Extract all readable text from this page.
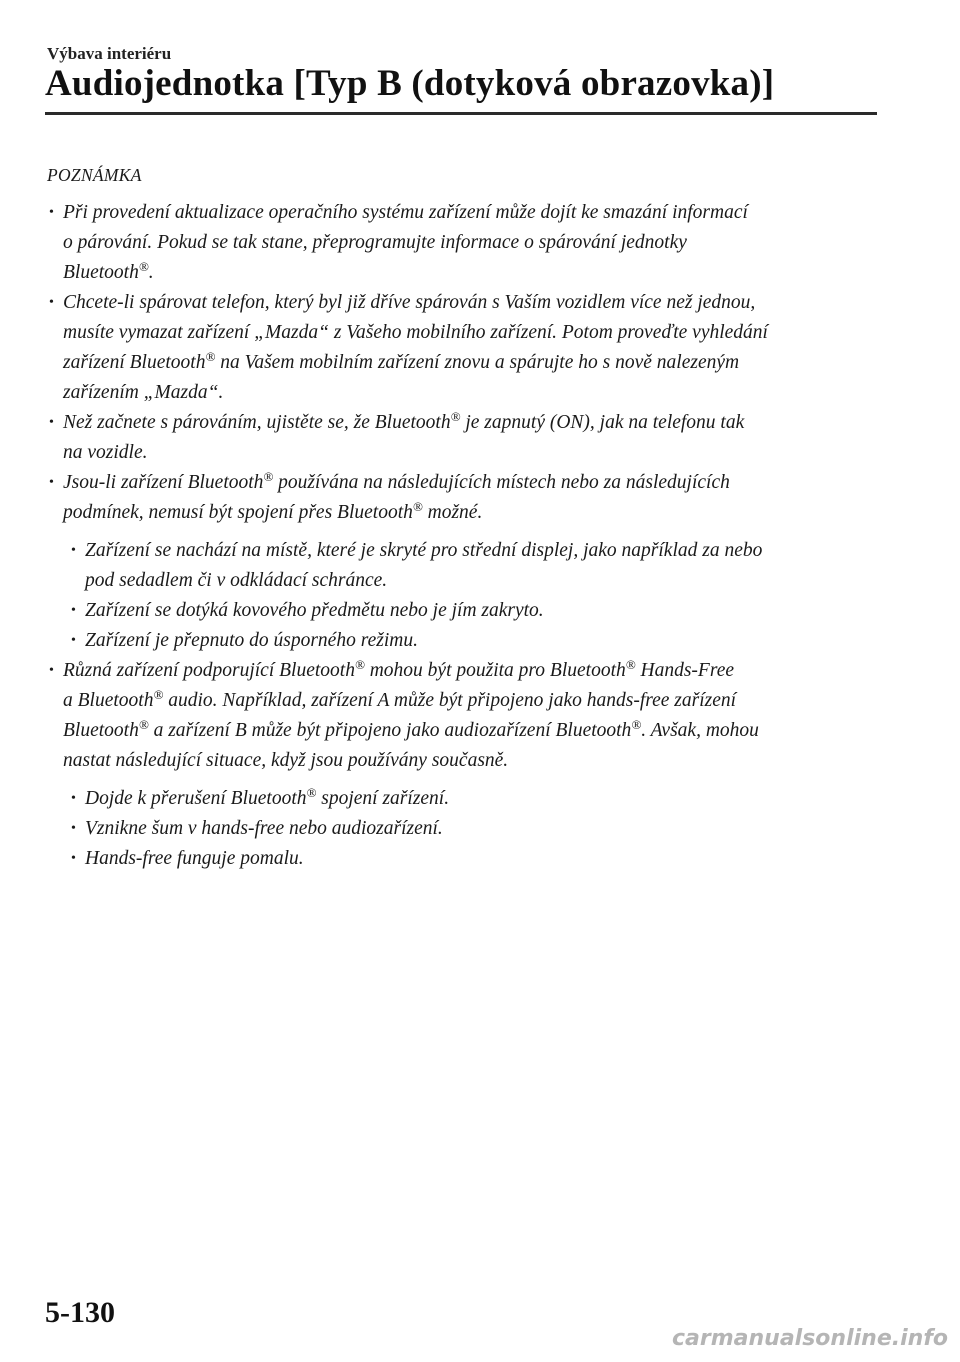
Výbava interiéru
Audiojednotka [Typ B (dotyková obrazovka)]
POZNÁMKA
• Při provedení aktualizace operačního systému zařízení může dojít ke smazání informací
o párování. Pokud se tak stane, přeprogramujte informace o spárování jednotky
Bluetooth®.
• Chcete-li spárovat telefon, který byl již dříve spárován s Vaším vozidlem více než jednou,
musíte vymazat zařízení „Mazda“ z Vašeho mobilního zařízení. Potom proveďte vyhledání
zařízení Bluetooth® na Vašem mobilním zařízení znovu a spárujte ho s nově nalezeným
zařízením „Mazda“.
• Než začnete s párováním, ujistěte se, že Bluetooth® je zapnutý (ON), jak na telefonu tak
na vozidle.
• Jsou-li zařízení Bluetooth® používána na následujících místech nebo za následujících
podmínek, nemusí být spojení přes Bluetooth® možné.
• Zařízení se nachází na místě, které je skryté pro střední displej, jako například za nebo
pod sedadlem či v odkládací schránce.
• Zařízení se dotýká kovového předmětu nebo je jím zakryto.
• Zařízení je přepnuto do úsporného režimu.
• Různá zařízení podporující Bluetooth® mohou být použita pro Bluetooth® Hands-Free
a Bluetooth® audio. Například, zařízení A může být připojeno jako hands-free zařízení
Bluetooth® a zařízení B může být připojeno jako audiozařízení Bluetooth®. Avšak, mohou
nastat následující situace, když jsou používány současně.
• Dojde k přerušení Bluetooth® spojení zařízení.
• Vznikne šum v hands-free nebo audiozařízení.
• Hands-free funguje pomalu.
5-130
carmanualsonline.info
